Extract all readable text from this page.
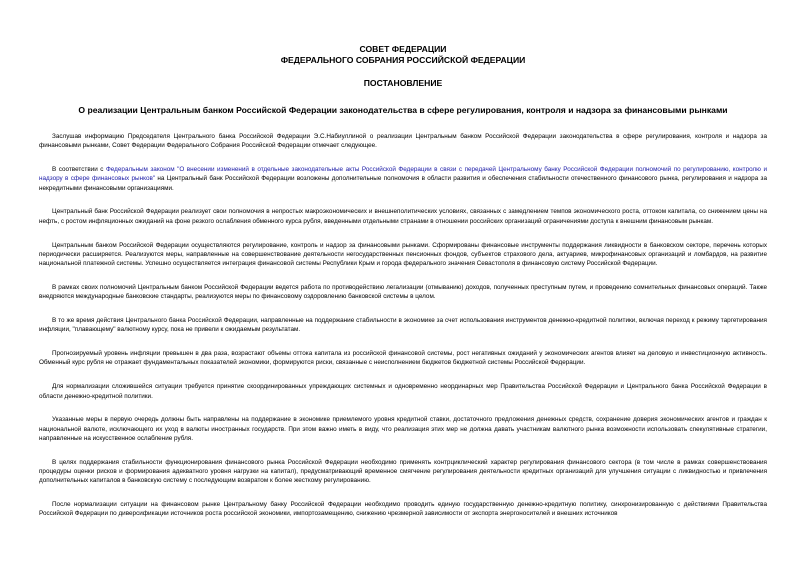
СОВЕТ ФЕДЕРАЦИИ
ФЕДЕРАЛЬНОГО СОБРАНИЯ РОССИЙСКОЙ ФЕДЕРАЦИИ
ПОСТАНОВЛЕНИЕ
О реализации Центральным банком Российской Федерации законодательства в сфере регулирования, контроля и надзора за финансовыми рынками

Заслушав информацию Председателя Центрального банка Российской Федерации Э.С.Набиуллиной о реализации Центральным банком Российской Федерации законодательства в сфере регулирования, контроля и надзора за финансовыми рынками, Совет Федерации Федерального Собрания Российской Федерации отмечает следующее.

В соответствии с Федеральным законом "О внесении изменений в отдельные законодательные акты Российской Федерации в связи с передачей Центральному банку Российской Федерации полномочий по регулированию, контролю и надзору в сфере финансовых рынков" на Центральный банк Российской Федерации возложены дополнительные полномочия в области развития и обеспечения стабильности отечественного финансового рынка, регулирования и надзора за некредитными финансовыми организациями.

Центральный банк Российской Федерации реализует свои полномочия в непростых макроэкономических и внешнеполитических условиях, связанных с замедлением темпов экономического роста, оттоком капитала, со снижением цены на нефть, с ростом инфляционных ожиданий на фоне резкого ослабления обменного курса рубля, введенными отдельными странами в отношении российских организаций ограничениями доступа к внешним финансовым рынкам.

Центральным банком Российской Федерации осуществляются регулирование, контроль и надзор за финансовыми рынками. Сформированы финансовые инструменты поддержания ликвидности в банковском секторе, перечень которых периодически расширяется. Реализуются меры, направленные на совершенствование деятельности негосударственных пенсионных фондов, субъектов страхового дела, актуариев, микрофинансовых организаций и ломбардов, на развитие национальной платежной системы. Успешно осуществляется интеграция финансовой системы Республики Крым и города федерального значения Севастополя в финансовую систему Российской Федерации.

В рамках своих полномочий Центральным банком Российской Федерации ведется работа по противодействию легализации (отмыванию) доходов, полученных преступным путем, и проведению сомнительных финансовых операций. Также внедряются международные банковские стандарты, реализуются меры по финансовому оздоровлению банковской системы в целом.

В то же время действия Центрального банка Российской Федерации, направленные на поддержание стабильности в экономике за счет использования инструментов денежно-кредитной политики, включая переход к режиму таргетирования инфляции, "плавающему" валютному курсу, пока не привели к ожидаемым результатам.

Прогнозируемый уровень инфляции превышен в два раза, возрастают объемы оттока капитала из российской финансовой системы, рост негативных ожиданий у экономических агентов влияет на деловую и инвестиционную активность. Обменный курс рубля не отражает фундаментальных показателей экономики, формируются риски, связанные с неисполнением бюджетов бюджетной системы Российской Федерации.

Для нормализации сложившейся ситуации требуется принятие скоординированных упреждающих системных и одновременно неординарных мер Правительства Российской Федерации и Центрального банка Российской Федерации в области денежно-кредитной политики.

Указанные меры в первую очередь должны быть направлены на поддержание в экономике приемлемого уровня кредитной ставки, достаточного предложения денежных средств, сохранение доверия экономических агентов и граждан к национальной валюте, исключающего их уход в валюты иностранных государств. При этом важно иметь в виду, что реализация этих мер не должна давать участникам валютного рынка возможности использовать спекулятивные стратегии, направленные на искусственное ослабление рубля.

В целях поддержания стабильности функционирования финансового рынка Российской Федерации необходимо применять контрциклический характер регулирования финансового сектора (в том числе в рамках совершенствования процедуры оценки рисков и формирования адекватного уровня нагрузки на капитал), предусматривающий временное смягчение регулирования деятельности кредитных организаций для улучшения ситуации с ликвидностью и привлечения дополнительных капиталов в банковскую систему с последующим возвратом к более жесткому регулированию.

После нормализации ситуации на финансовом рынке Центральному банку Российской Федерации необходимо проводить единую государственную денежно-кредитную политику, синхронизированную с действиями Правительства Российской Федерации по диверсификации источников роста российской экономики, импортозамещению, снижению чрезмерной зависимости от экспорта энергоносителей и внешних источников
